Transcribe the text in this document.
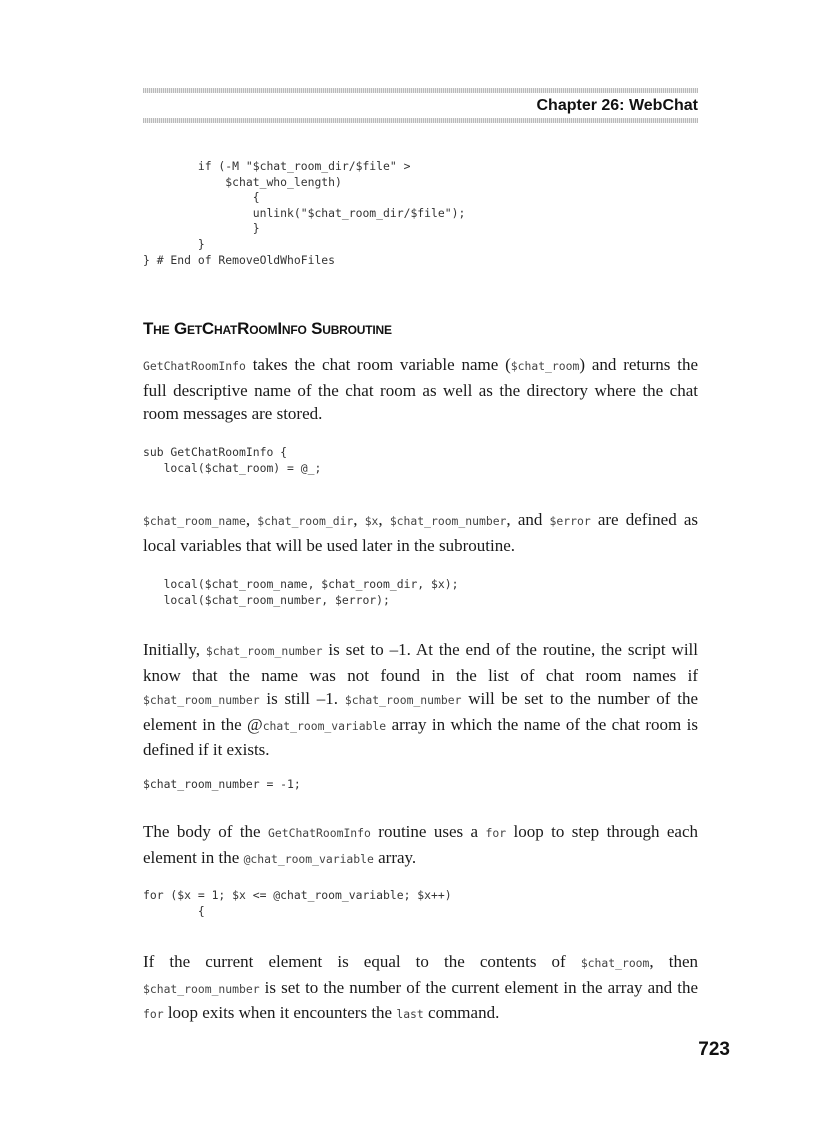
Chapter 26: WebChat
if (-M "$chat_room_dir/$file" >
$chat_who_length)
{
unlink("$chat_room_dir/$file");
}
}
} # End of RemoveOldWhoFiles
The GetChatRoomInfo Subroutine

GetChatRoomInfo takes the chat room variable name ($chat_room) and returns the full descriptive name of the chat room as well as the directory where the chat room messages are stored.

sub GetChatRoomInfo {
local($chat_room) = @_;

$chat_room_name, $chat_room_dir, $x, $chat_room_number, and $error are defined as local variables that will be used later in the subroutine.

local($chat_room_name, $chat_room_dir, $x);
local($chat_room_number, $error);

Initially, $chat_room_number is set to –1. At the end of the routine, the script will know that the name was not found in the list of chat room names if $chat_room_number is still –1. $chat_room_number will be set to the number of the element in the @chat_room_variable array in which the name of the chat room is defined if it exists.

$chat_room_number = -1;

The body of the GetChatRoomInfo routine uses a for loop to step through each element in the @chat_room_variable array.

for ($x = 1; $x <= @chat_room_variable; $x++)
{

If the current element is equal to the contents of $chat_room, then $chat_room_number is set to the number of the current element in the array and the for loop exits when it encounters the last command.

723
